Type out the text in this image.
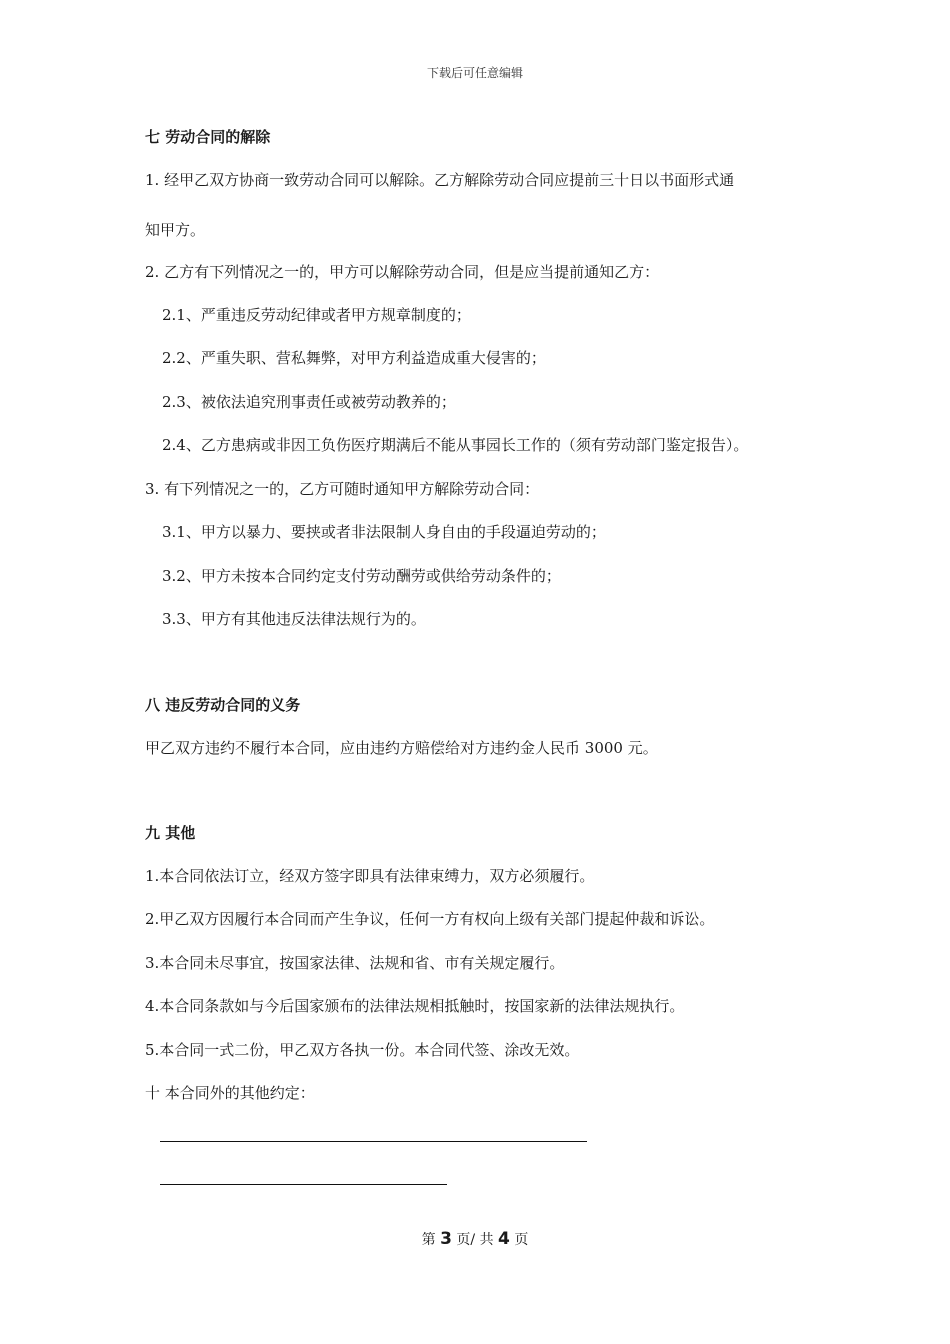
下载后可任意编辑
七 劳动合同的解除
1. 经甲乙双方协商一致劳动合同可以解除。乙方解除劳动合同应提前三十日以书面形式通
知甲方。
2. 乙方有下列情况之一的，甲方可以解除劳动合同，但是应当提前通知乙方：
2.1、严重违反劳动纪律或者甲方规章制度的；
2.2、严重失职、营私舞弊，对甲方利益造成重大侵害的；
2.3、被依法追究刑事责任或被劳动教养的；
2.4、乙方患病或非因工负伤医疗期满后不能从事园长工作的（须有劳动部门鉴定报告）。
3. 有下列情况之一的，乙方可随时通知甲方解除劳动合同：
3.1、甲方以暴力、要挟或者非法限制人身自由的手段逼迫劳动的；
3.2、甲方未按本合同约定支付劳动酬劳或供给劳动条件的；
3.3、甲方有其他违反法律法规行为的。
八 违反劳动合同的义务
甲乙双方违约不履行本合同，应由违约方赔偿给对方违约金人民币 3000 元。
九 其他
1.本合同依法订立，经双方签字即具有法律束缚力，双方必须履行。
2.甲乙双方因履行本合同而产生争议，任何一方有权向上级有关部门提起仲裁和诉讼。
3.本合同未尽事宜，按国家法律、法规和省、市有关规定履行。
4.本合同条款如与今后国家颁布的法律法规相抵触时，按国家新的法律法规执行。
5.本合同一式二份，甲乙双方各执一份。本合同代签、涂改无效。
十 本合同外的其他约定：
第 3 页/ 共 4 页
